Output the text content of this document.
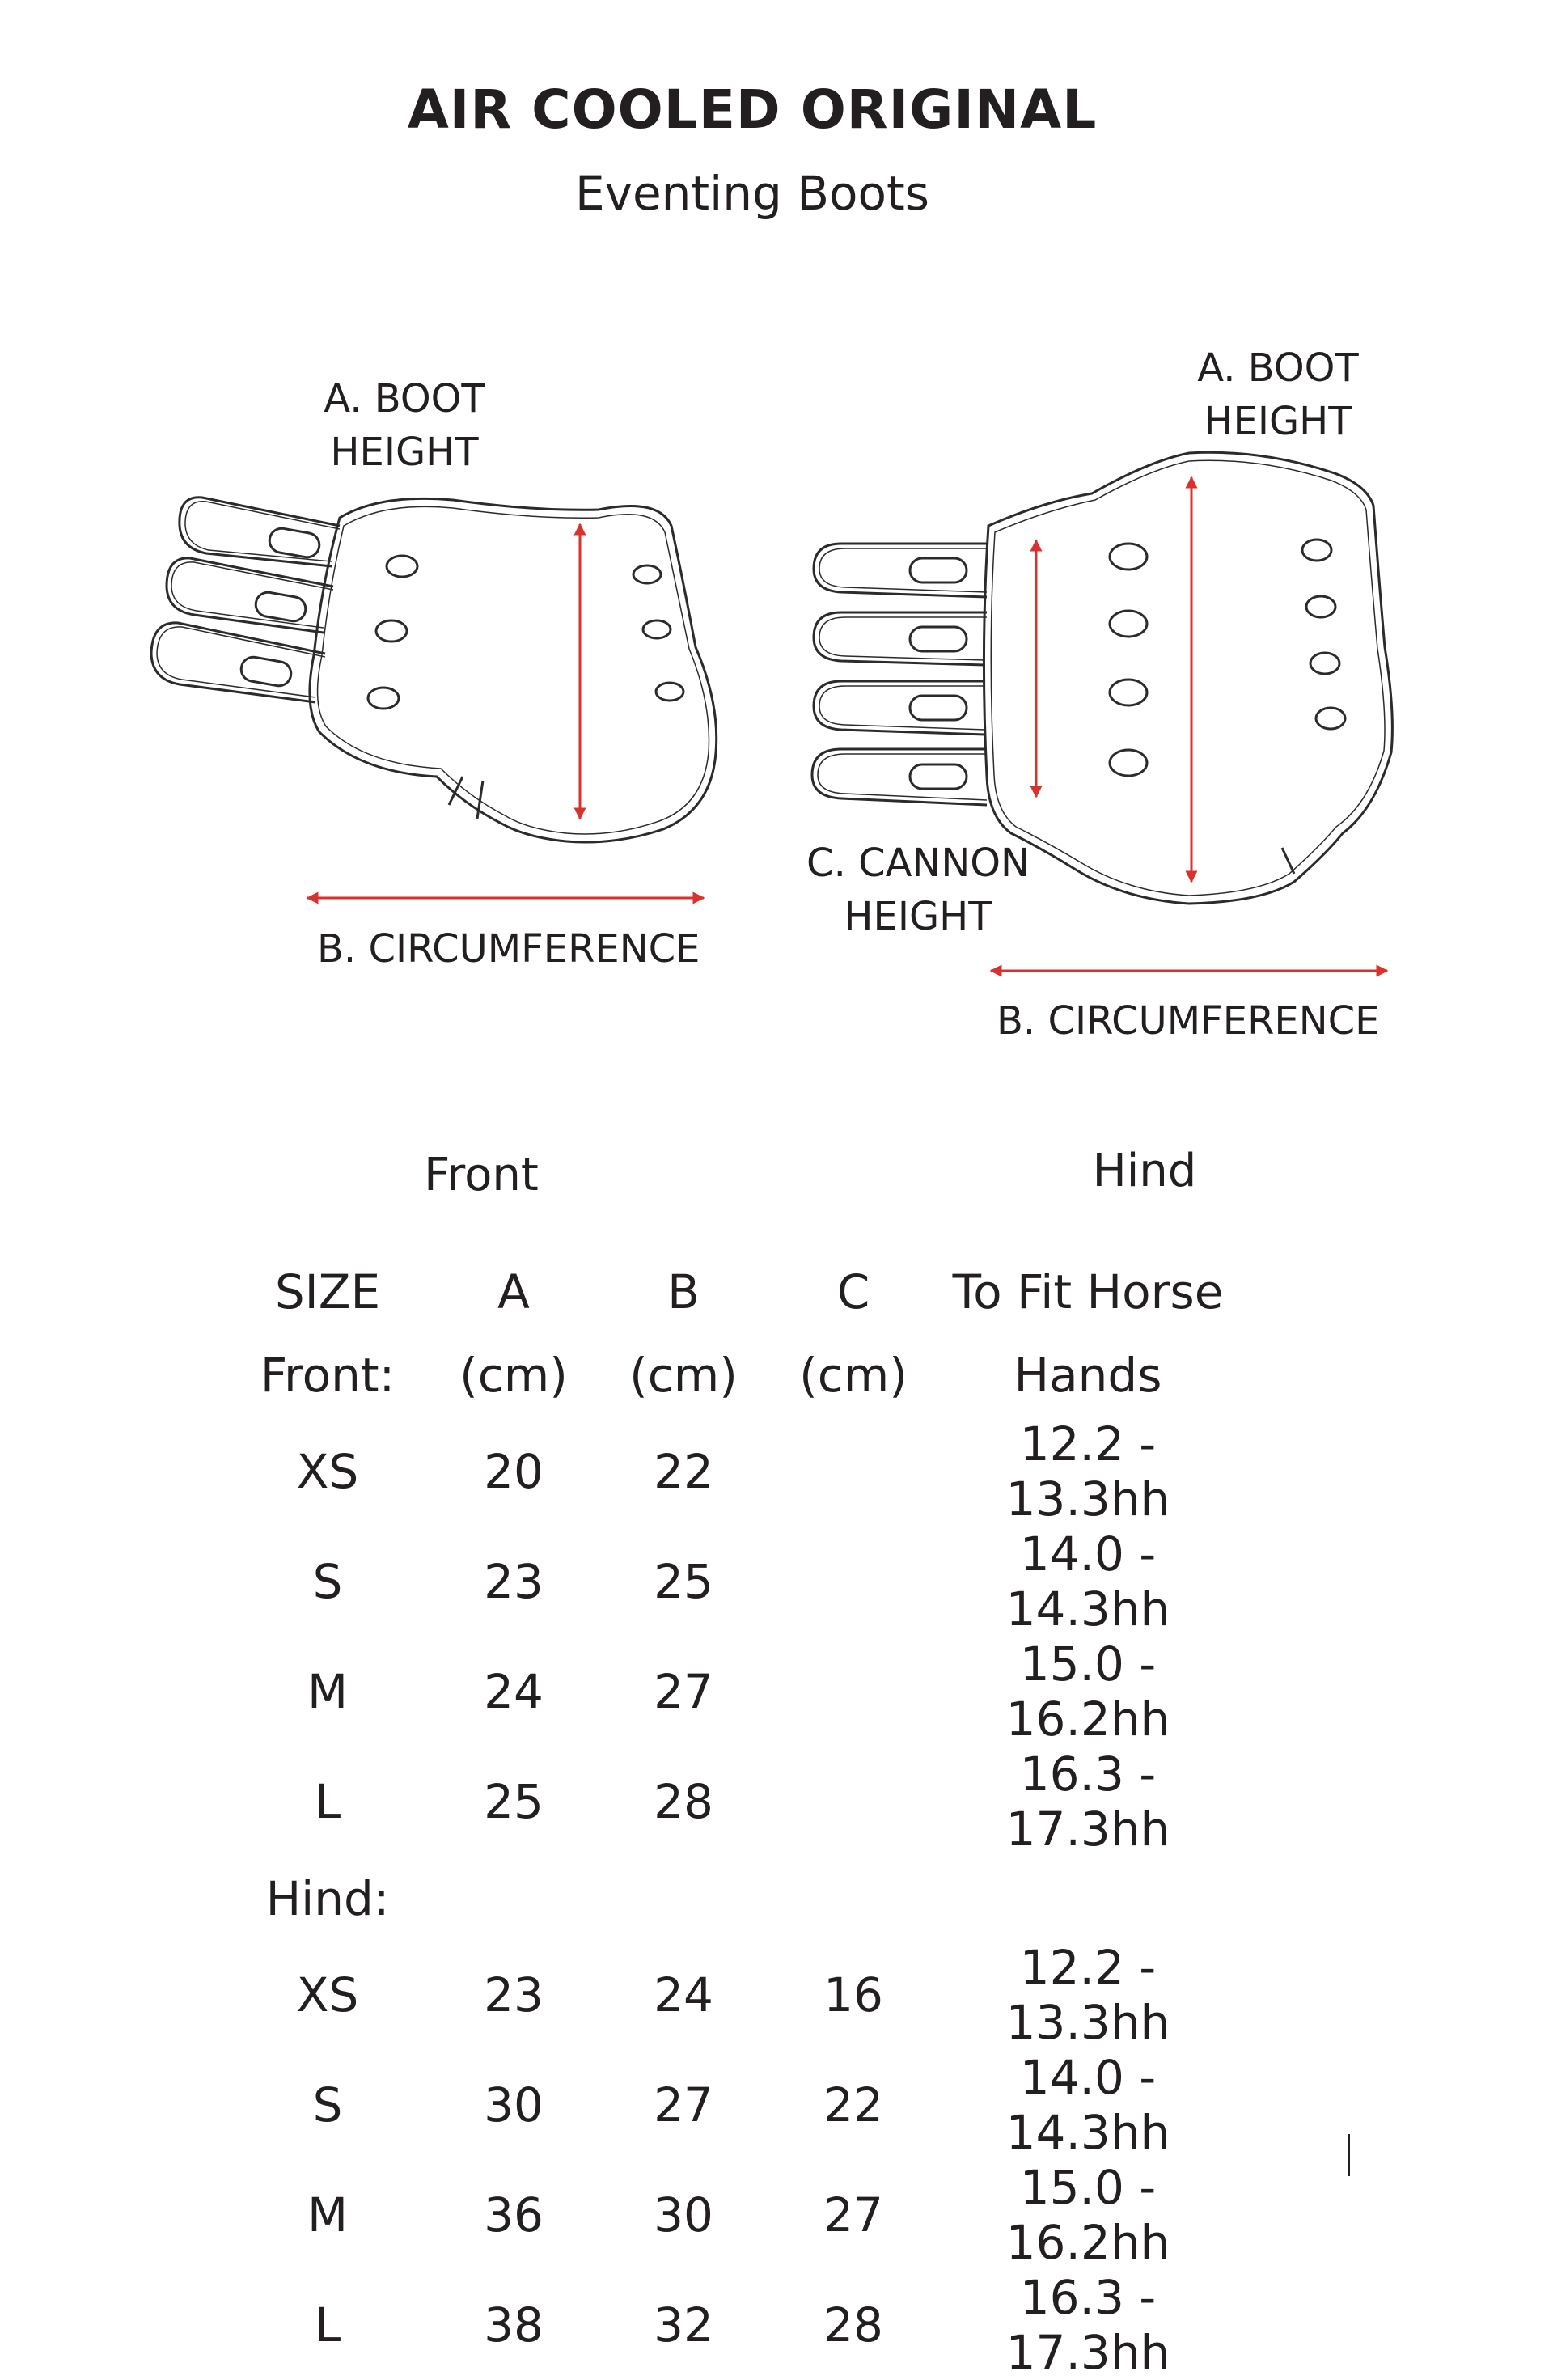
AIR COOLED ORIGINAL
Eventing Boots
A. BOOT
HEIGHT
B. CIRCUMFERENCE
A. BOOT
HEIGHT
C. CANNON
HEIGHT
B. CIRCUMFERENCE
Front	Hind
SIZE	A	B	C	To Fit Horse
Front:	(cm)	(cm)	(cm)	Hands
XS	20	22		12.2 - 13.3hh
S	23	25		14.0 - 14.3hh
M	24	27		15.0 - 16.2hh
L	25	28		16.3 - 17.3hh
Hind:				
XS	23	24	16	12.2 - 13.3hh
S	30	27	22	14.0 - 14.3hh
M	36	30	27	15.0 - 16.2hh
L	38	32	28	16.3 - 17.3hh
